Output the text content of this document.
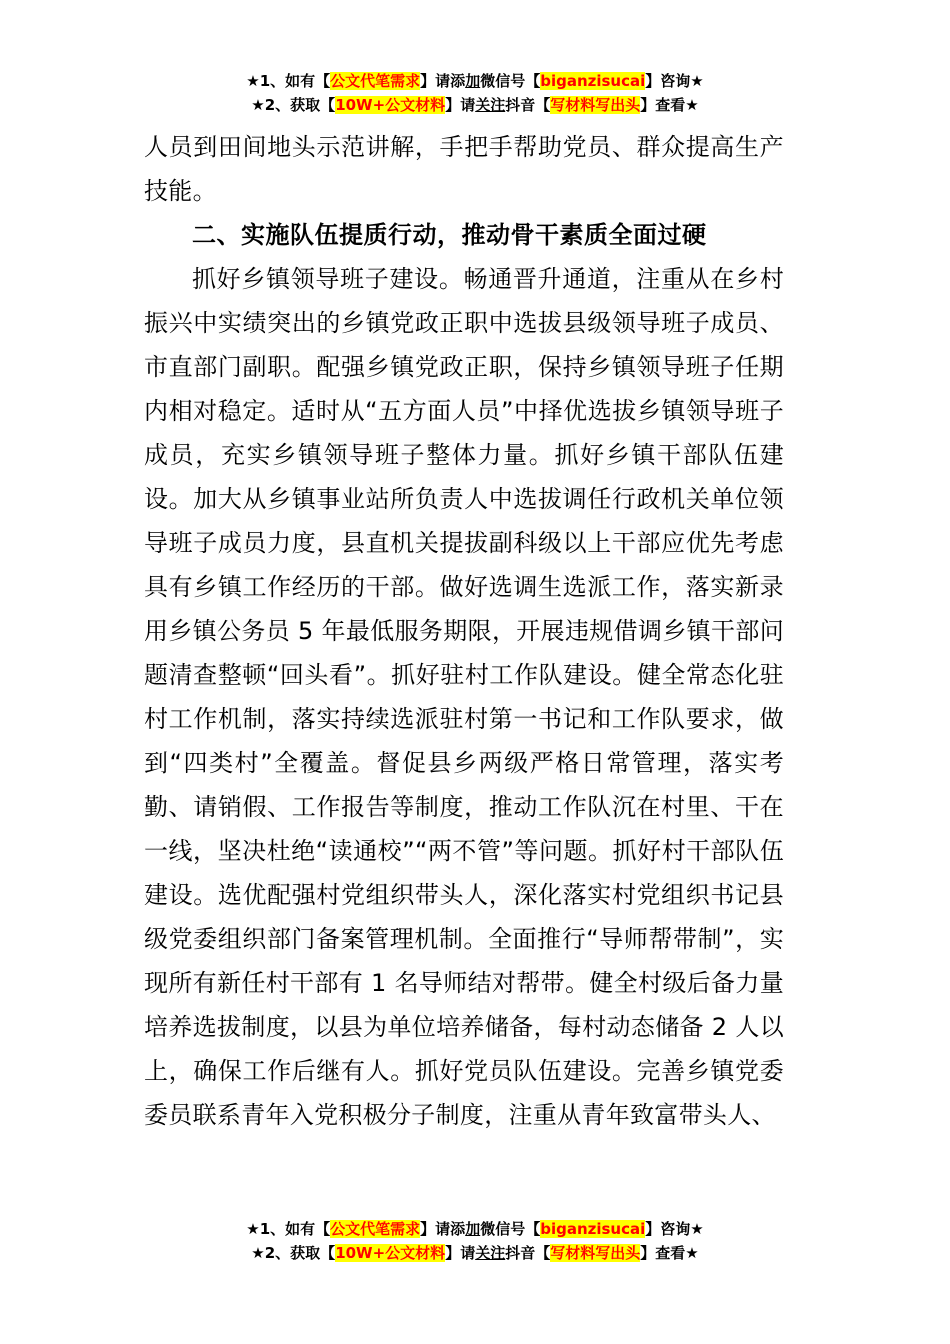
★1、如有【公文代笔需求】请添加微信号【biganzisucai】咨询★
★2、获取【10W+公文材料】请关注抖音【写材料写出头】查看★

人员到田间地头示范讲解，手把手帮助党员、群众提高生产技能。

二、实施队伍提质行动，推动骨干素质全面过硬

抓好乡镇领导班子建设。畅通晋升通道，注重从在乡村振兴中实绩突出的乡镇党政正职中选拔县级领导班子成员、市直部门副职。配强乡镇党政正职，保持乡镇领导班子任期内相对稳定。适时从“五方面人员”中择优选拔乡镇领导班子成员，充实乡镇领导班子整体力量。抓好乡镇干部队伍建设。加大从乡镇事业站所负责人中选拔调任行政机关单位领导班子成员力度，县直机关提拔副科级以上干部应优先考虑具有乡镇工作经历的干部。做好选调生选派工作，落实新录用乡镇公务员 5 年最低服务期限，开展违规借调乡镇干部问题清查整顿“回头看”。抓好驻村工作队建设。健全常态化驻村工作机制，落实持续选派驻村第一书记和工作队要求，做到“四类村”全覆盖。督促县乡两级严格日常管理，落实考勤、请销假、工作报告等制度，推动工作队沉在村里、干在一线，坚决杜绝“读通校”“两不管”等问题。抓好村干部队伍建设。选优配强村党组织带头人，深化落实村党组织书记县级党委组织部门备案管理机制。全面推行“导师帮带制”，实现所有新任村干部有 1 名导师结对帮带。健全村级后备力量培养选拔制度，以县为单位培养储备，每村动态储备 2 人以上，确保工作后继有人。抓好党员队伍建设。完善乡镇党委委员联系青年入党积极分子制度，注重从青年致富带头人、

★1、如有【公文代笔需求】请添加微信号【biganzisucai】咨询★
★2、获取【10W+公文材料】请关注抖音【写材料写出头】查看★
